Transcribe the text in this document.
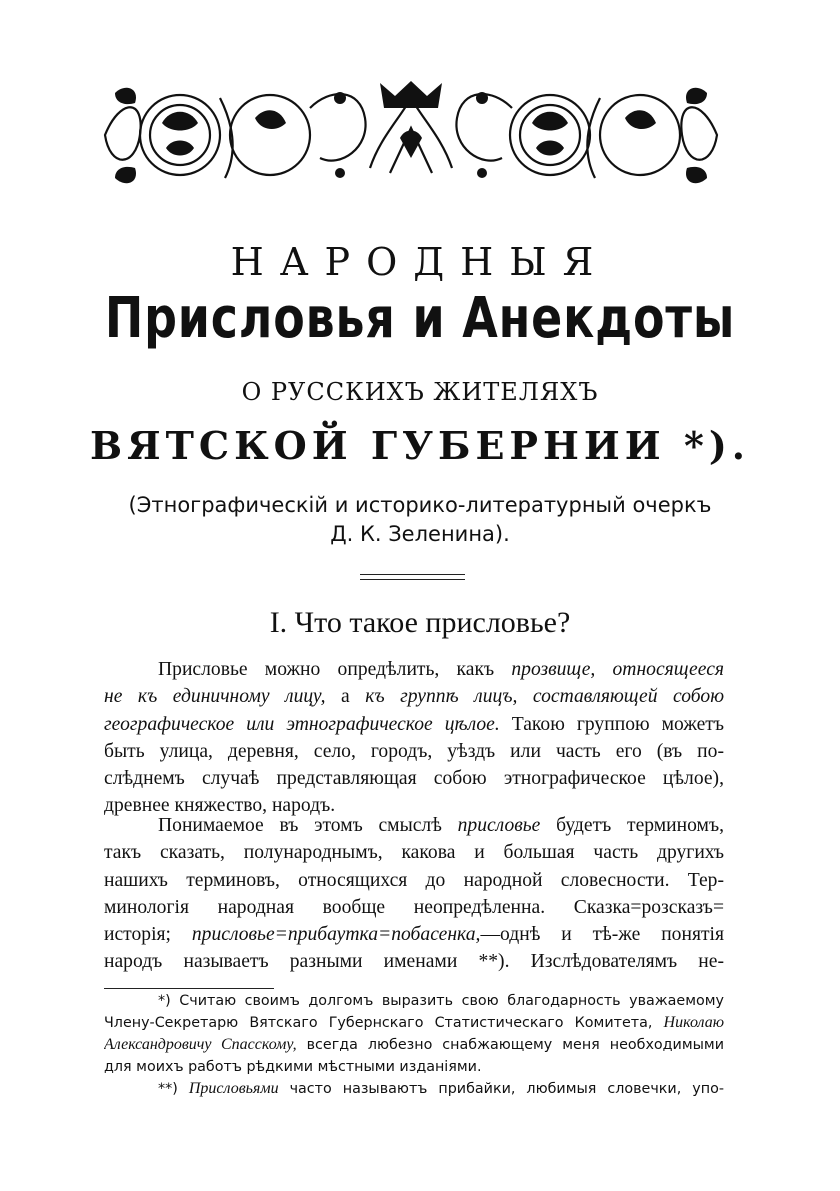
НАРОДНЫЯ
Присловья и Анекдоты
О РУССКИХЪ ЖИТЕЛЯХЪ
ВЯТСКОЙ ГУБЕРНИИ *).
(Этнографическій и историко-литературный очеркъ
Д. К. Зеленина).
I. Что такое присловье?
Присловье можно опредѣлить, какъ прозвище, относящееся
не къ единичному лицу, а къ группѣ лицъ, составляющей собою
географическое или этнографическое цѣлое. Такою группою можетъ
быть улица, деревня, село, городъ, уѣздъ или часть его (въ по-
слѣднемъ случаѣ представляющая собою этнографическое цѣлое),
древнее княжество, народъ.
Понимаемое въ этомъ смыслѣ присловье будетъ терминомъ,
такъ сказать, полународнымъ, какова и большая часть другихъ
нашихъ терминовъ, относящихся до народной словесности. Тер-
минологія народная вообще неопредѣленна. Сказка=розсказъ=
исторія; присловье=прибаутка=побасенка,—однѣ и тѣ-же понятія
народъ называетъ разными именами **). Изслѣдователямъ не-
*) Считаю своимъ долгомъ выразить свою благодарность уважаемому
Члену-Секретарю Вятскаго Губернскаго Статистическаго Комитета, Николаю
Александровичу Спасскому, всегда любезно снабжающему меня необходимыми
для моихъ работъ рѣдкими мѣстными изданіями.
**) Присловьями часто называютъ прибайки, любимыя словечки, упо-
